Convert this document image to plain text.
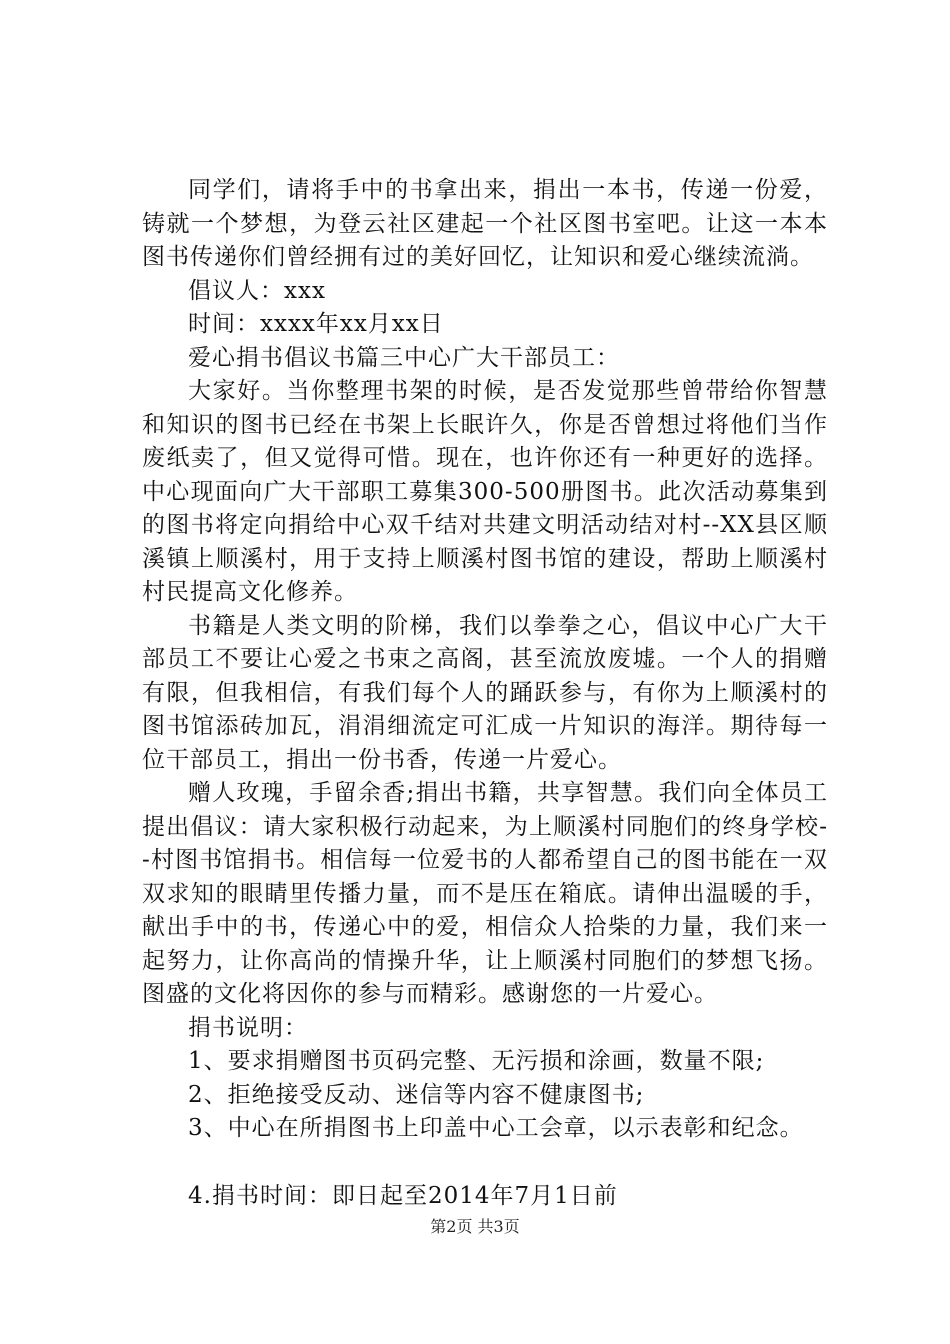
同学们，请将手中的书拿出来，捐出一本书，传递一份爱，铸就一个梦想，为登云社区建起一个社区图书室吧。让这一本本图书传递你们曾经拥有过的美好回忆，让知识和爱心继续流淌。

倡议人：xxx

时间：xxxx年xx月xx日

爱心捐书倡议书篇三中心广大干部员工：

大家好。当你整理书架的时候，是否发觉那些曾带给你智慧和知识的图书已经在书架上长眠许久，你是否曾想过将他们当作废纸卖了，但又觉得可惜。现在，也许你还有一种更好的选择。中心现面向广大干部职工募集300-500册图书。此次活动募集到的图书将定向捐给中心双千结对共建文明活动结对村--XX县区顺溪镇上顺溪村，用于支持上顺溪村图书馆的建设，帮助上顺溪村村民提高文化修养。

书籍是人类文明的阶梯，我们以拳拳之心，倡议中心广大干部员工不要让心爱之书束之高阁，甚至流放废墟。一个人的捐赠有限，但我相信，有我们每个人的踊跃参与，有你为上顺溪村的图书馆添砖加瓦，涓涓细流定可汇成一片知识的海洋。期待每一位干部员工，捐出一份书香，传递一片爱心。

赠人玫瑰，手留余香;捐出书籍，共享智慧。我们向全体员工提出倡议：请大家积极行动起来，为上顺溪村同胞们的终身学校--村图书馆捐书。相信每一位爱书的人都希望自己的图书能在一双双求知的眼睛里传播力量，而不是压在箱底。请伸出温暖的手，献出手中的书，传递心中的爱，相信众人拾柴的力量，我们来一起努力，让你高尚的情操升华，让上顺溪村同胞们的梦想飞扬。图盛的文化将因你的参与而精彩。感谢您的一片爱心。

捐书说明：

1、要求捐赠图书页码完整、无污损和涂画，数量不限;

2、拒绝接受反动、迷信等内容不健康图书;

3、中心在所捐图书上印盖中心工会章，以示表彰和纪念。

4.捐书时间：即日起至2014年7月1日前

第2页 共3页
